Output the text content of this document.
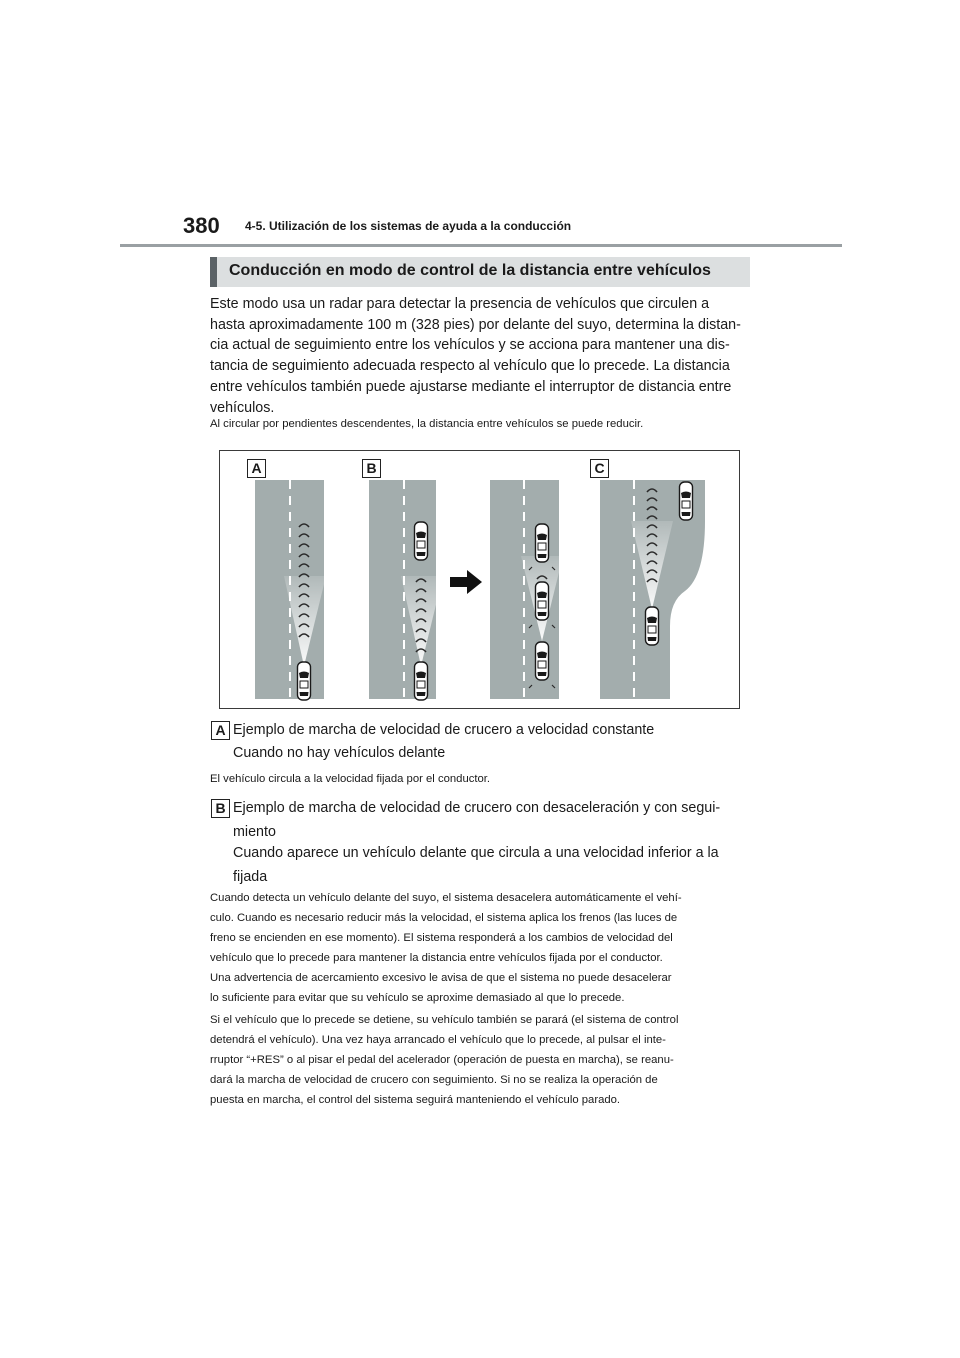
380 4-5. Utilización de los sistemas de ayuda a la conducción
Conducción en modo de control de la distancia entre vehículos
Este modo usa un radar para detectar la presencia de vehículos que circulen a
hasta aproximadamente 100 m (328 pies) por delante del suyo, determina la distan-
cia actual de seguimiento entre los vehículos y se acciona para mantener una dis-
tancia de seguimiento adecuada respecto al vehículo que lo precede. La distancia
entre vehículos también puede ajustarse mediante el interruptor de distancia entre
vehículos.
Al circular por pendientes descendentes, la distancia entre vehículos se puede reducir.
A	B	C
A Ejemplo de marcha de velocidad de crucero a velocidad constante
Cuando no hay vehículos delante
El vehículo circula a la velocidad fijada por el conductor.
B Ejemplo de marcha de velocidad de crucero con desaceleración y con segui-
miento
Cuando aparece un vehículo delante que circula a una velocidad inferior a la
fijada
Cuando detecta un vehículo delante del suyo, el sistema desacelera automáticamente el vehí-
culo. Cuando es necesario reducir más la velocidad, el sistema aplica los frenos (las luces de
freno se encienden en ese momento). El sistema responderá a los cambios de velocidad del
vehículo que lo precede para mantener la distancia entre vehículos fijada por el conductor.
Una advertencia de acercamiento excesivo le avisa de que el sistema no puede desacelerar
lo suficiente para evitar que su vehículo se aproxime demasiado al que lo precede.
Si el vehículo que lo precede se detiene, su vehículo también se parará (el sistema de control
detendrá el vehículo). Una vez haya arrancado el vehículo que lo precede, al pulsar el inte-
rruptor “+RES” o al pisar el pedal del acelerador (operación de puesta en marcha), se reanu-
dará la marcha de velocidad de crucero con seguimiento. Si no se realiza la operación de
puesta en marcha, el control del sistema seguirá manteniendo el vehículo parado.
